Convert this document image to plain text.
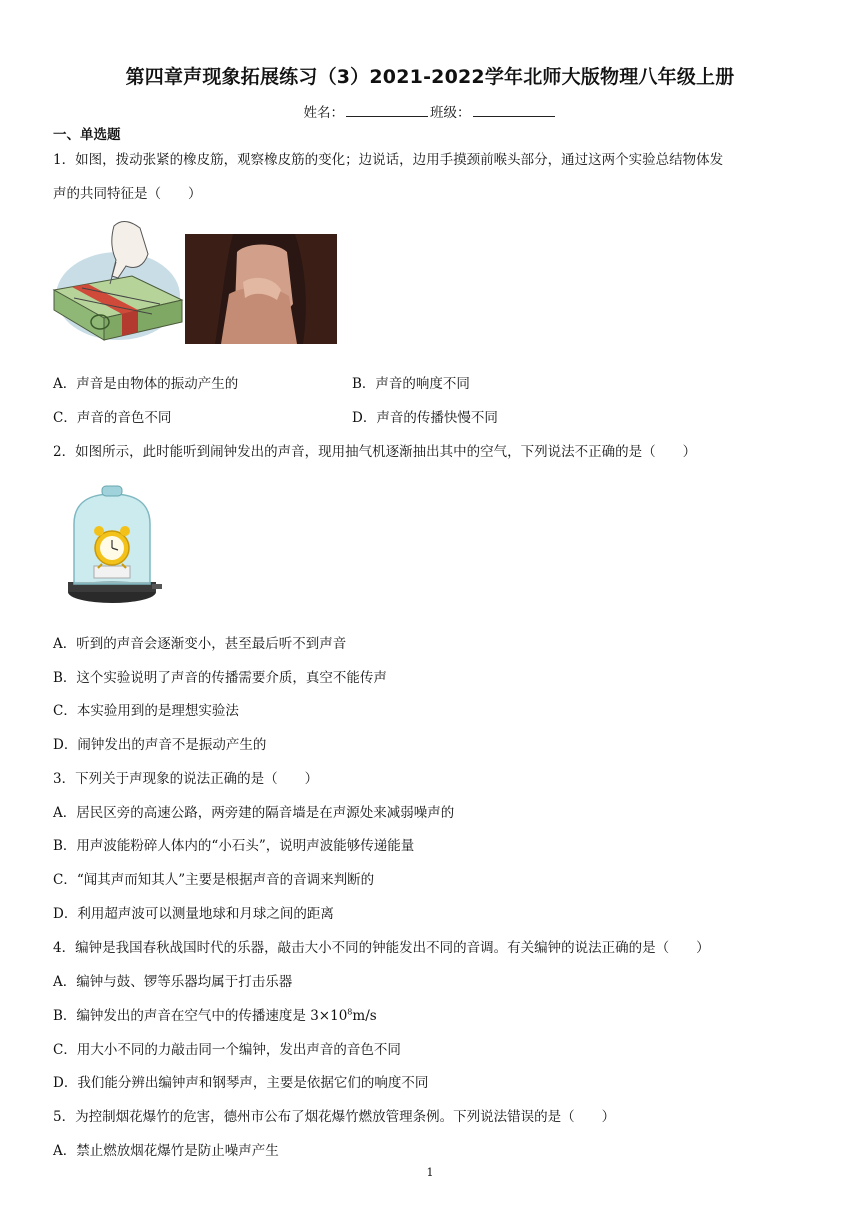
第四章声现象拓展练习（3）2021-2022学年北师大版物理八年级上册
姓名：	班级：
一、单选题
1．如图，拨动张紧的橡皮筋，观察橡皮筋的变化；边说话，边用手摸颈前喉头部分，通过这两个实验总结物体发
声的共同特征是（　　）
A．声音是由物体的振动产生的	B．声音的响度不同
C．声音的音色不同	D．声音的传播快慢不同
2．如图所示，此时能听到闹钟发出的声音，现用抽气机逐渐抽出其中的空气，下列说法不正确的是（　　）
A．听到的声音会逐渐变小，甚至最后听不到声音
B．这个实验说明了声音的传播需要介质，真空不能传声
C．本实验用到的是理想实验法
D．闹钟发出的声音不是振动产生的
3．下列关于声现象的说法正确的是（　　）
A．居民区旁的高速公路，两旁建的隔音墙是在声源处来减弱噪声的
B．用声波能粉碎人体内的“小石头”，说明声波能够传递能量
C．“闻其声而知其人”主要是根据声音的音调来判断的
D．利用超声波可以测量地球和月球之间的距离
4．编钟是我国春秋战国时代的乐器，敲击大小不同的钟能发出不同的音调。有关编钟的说法正确的是（　　）
A．编钟与鼓、锣等乐器均属于打击乐器
B．编钟发出的声音在空气中的传播速度是 $3\times 10^8m/s$
C．用大小不同的力敲击同一个编钟，发出声音的音色不同
D．我们能分辨出编钟声和钢琴声，主要是依据它们的响度不同
5．为控制烟花爆竹的危害，德州市公布了烟花爆竹燃放管理条例。下列说法错误的是（　　）
A．禁止燃放烟花爆竹是防止噪声产生
1
